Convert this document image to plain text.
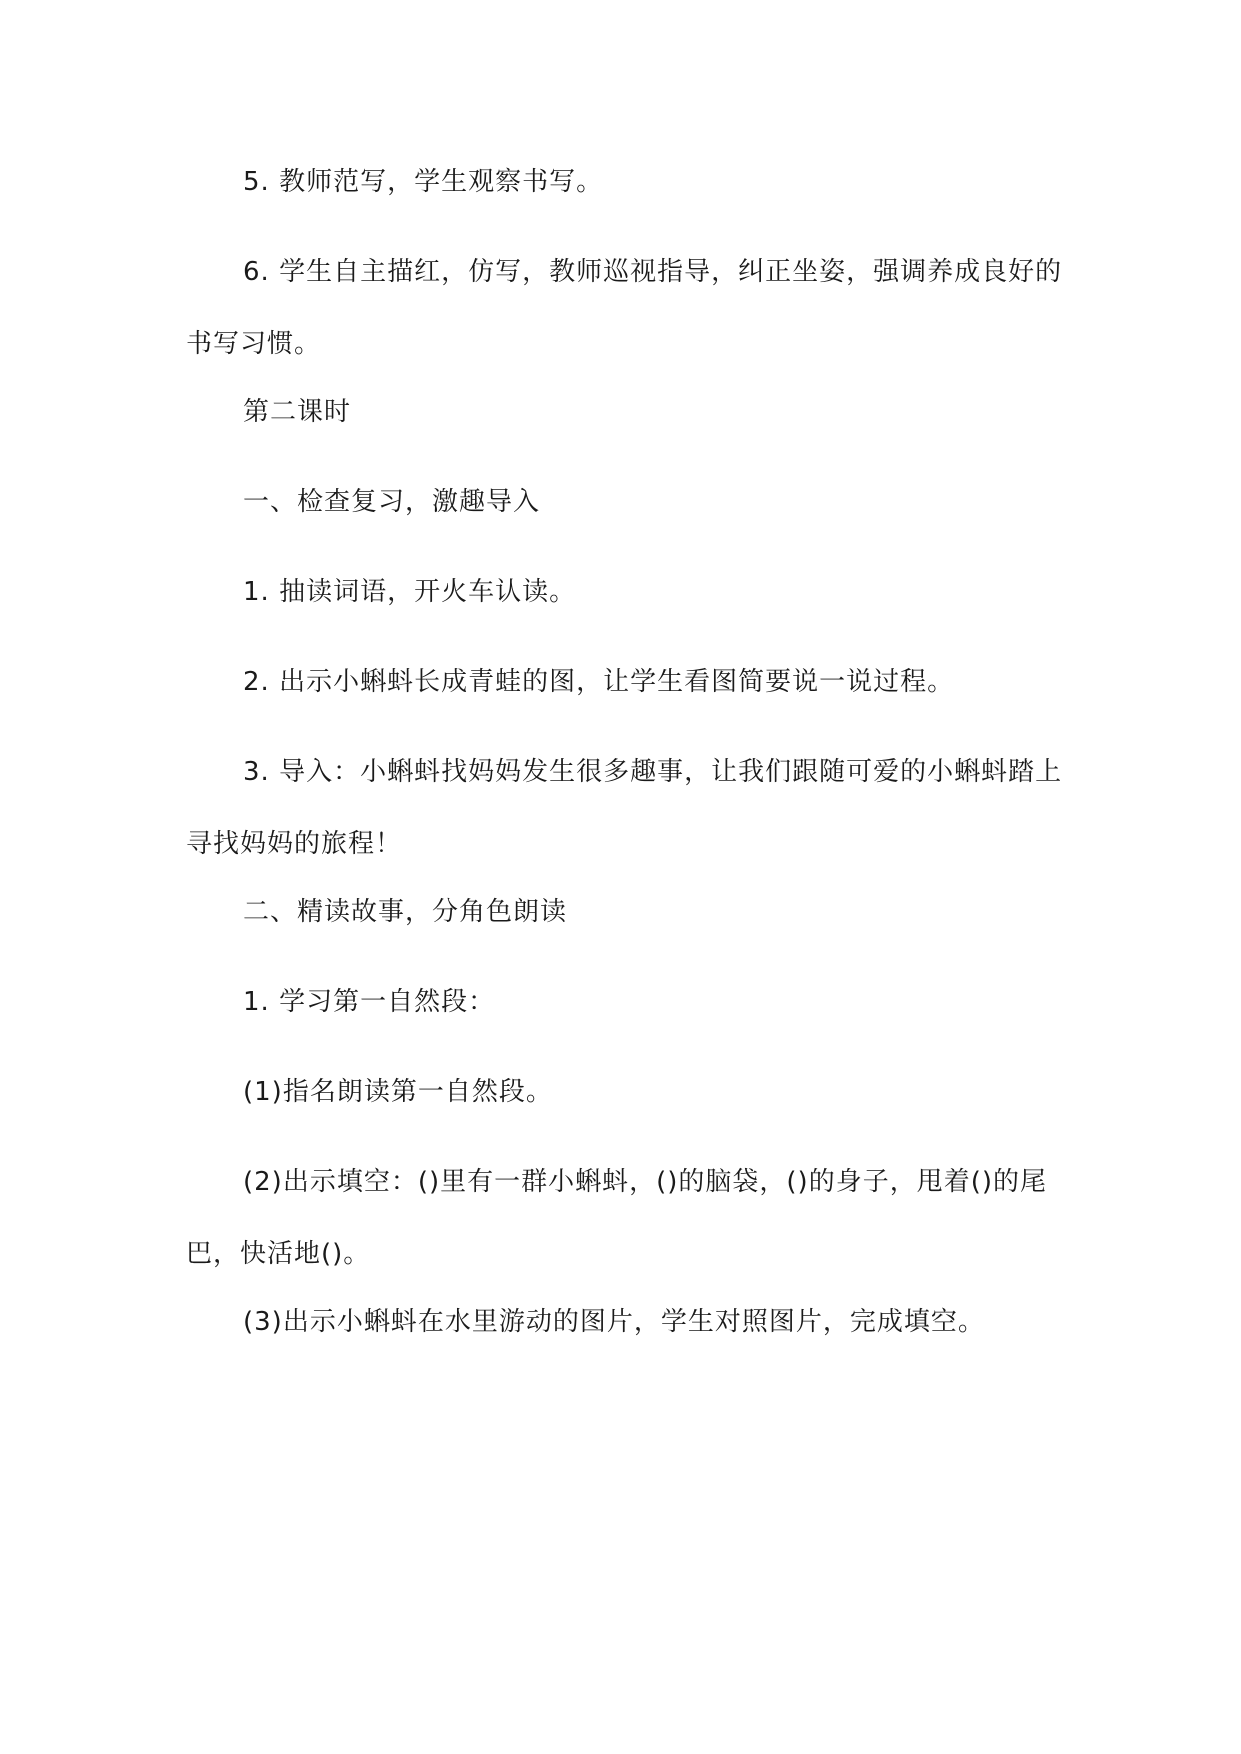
5. 教师范写，学生观察书写。

6. 学生自主描红，仿写，教师巡视指导，纠正坐姿，强调养成良好的书写习惯。

第二课时

一、检查复习，激趣导入

1. 抽读词语，开火车认读。

2. 出示小蝌蚪长成青蛙的图，让学生看图简要说一说过程。

3. 导入：小蝌蚪找妈妈发生很多趣事，让我们跟随可爱的小蝌蚪踏上寻找妈妈的旅程！

二、精读故事，分角色朗读

1. 学习第一自然段：

(1)指名朗读第一自然段。

(2)出示填空：()里有一群小蝌蚪，()的脑袋，()的身子，甩着()的尾巴，快活地()。

(3)出示小蝌蚪在水里游动的图片，学生对照图片，完成填空。
